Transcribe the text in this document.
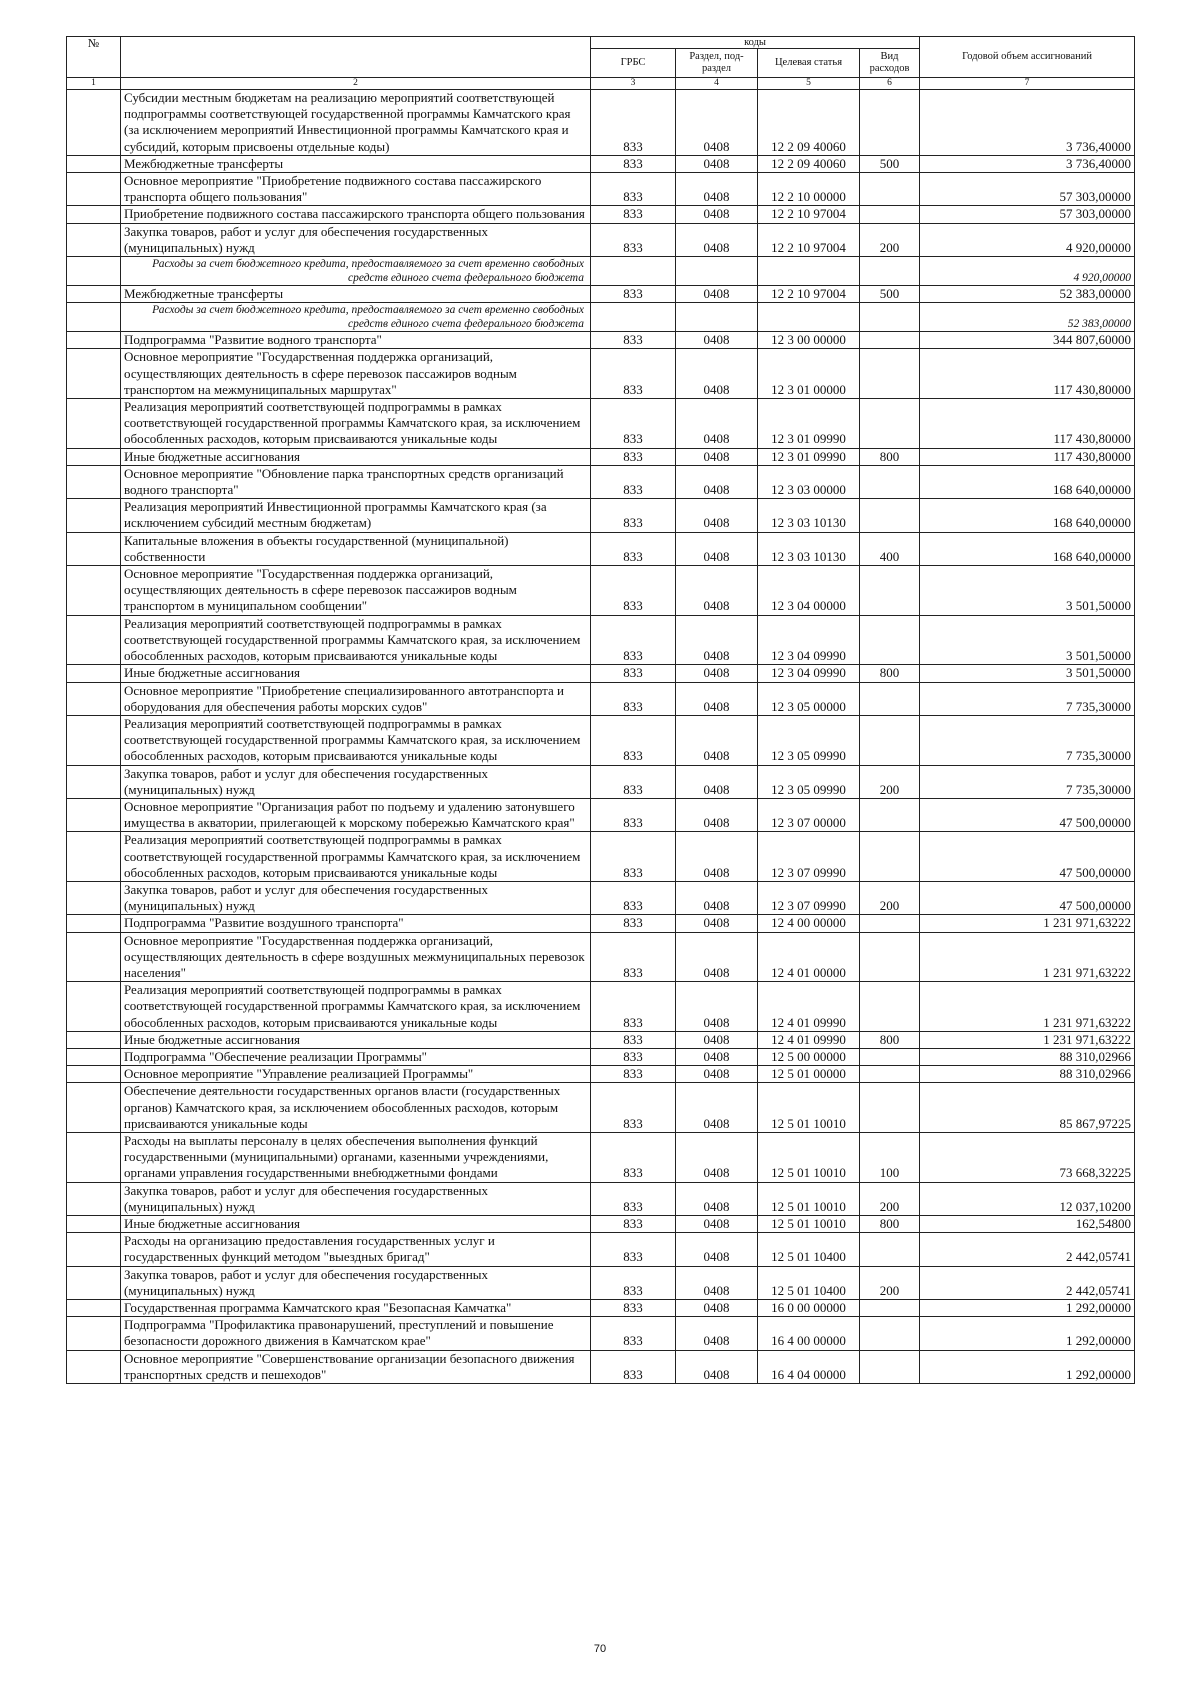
№		коды				Годовой объем ассигнований
		ГРБС	Раздел, под-раздел	Целевая статья	Вид расходов	
1	2	3	4	5	6	7
	Субсидии местным бюджетам на реализацию мероприятий соответствующей подпрограммы соответствующей государственной программы Камчатского края (за исключением мероприятий Инвестиционной программы Камчатского края и субсидий, которым присвоены отдельные коды)	833	0408	12 2 09 40060		3 736,40000
	Межбюджетные трансферты	833	0408	12 2 09 40060	500	3 736,40000
	Основное мероприятие "Приобретение подвижного состава пассажирского транспорта общего пользования"	833	0408	12 2 10 00000		57 303,00000
	Приобретение подвижного состава пассажирского транспорта общего пользования	833	0408	12 2 10 97004		57 303,00000
	Закупка товаров, работ и услуг для обеспечения государственных (муниципальных) нужд	833	0408	12 2 10 97004	200	4 920,00000
	Расходы за счет бюджетного кредита, предоставляемого за счет временно свободных средств единого счета федерального бюджета					4 920,00000
	Межбюджетные трансферты	833	0408	12 2 10 97004	500	52 383,00000
	Расходы за счет бюджетного кредита, предоставляемого за счет временно свободных средств единого счета федерального бюджета					52 383,00000
	Подпрограмма "Развитие водного транспорта"	833	0408	12 3 00 00000		344 807,60000
	Основное мероприятие "Государственная поддержка организаций, осуществляющих деятельность в сфере перевозок пассажиров водным транспортом на межмуниципальных маршрутах"	833	0408	12 3 01 00000		117 430,80000
	Реализация мероприятий соответствующей подпрограммы в рамках соответствующей государственной программы Камчатского края, за исключением обособленных расходов, которым присваиваются уникальные коды	833	0408	12 3 01 09990		117 430,80000
	Иные бюджетные ассигнования	833	0408	12 3 01 09990	800	117 430,80000
	Основное мероприятие "Обновление парка транспортных средств организаций водного транспорта"	833	0408	12 3 03 00000		168 640,00000
	Реализация мероприятий Инвестиционной программы Камчатского края (за исключением субсидий местным бюджетам)	833	0408	12 3 03 10130		168 640,00000
	Капитальные вложения в объекты государственной (муниципальной) собственности	833	0408	12 3 03 10130	400	168 640,00000
	Основное мероприятие "Государственная поддержка организаций, осуществляющих деятельность в сфере перевозок пассажиров водным транспортом в муниципальном сообщении"	833	0408	12 3 04 00000		3 501,50000
	Реализация мероприятий соответствующей подпрограммы в рамках соответствующей государственной программы Камчатского края, за исключением обособленных расходов, которым присваиваются уникальные коды	833	0408	12 3 04 09990		3 501,50000
	Иные бюджетные ассигнования	833	0408	12 3 04 09990	800	3 501,50000
	Основное мероприятие "Приобретение специализированного автотранспорта и оборудования для обеспечения работы морских судов"	833	0408	12 3 05 00000		7 735,30000
	Реализация мероприятий соответствующей подпрограммы в рамках соответствующей государственной программы Камчатского края, за исключением обособленных расходов, которым присваиваются уникальные коды	833	0408	12 3 05 09990		7 735,30000
	Закупка товаров, работ и услуг для обеспечения государственных (муниципальных) нужд	833	0408	12 3 05 09990	200	7 735,30000
	Основное мероприятие "Организация работ по подъему и удалению затонувшего имущества в акватории, прилегающей к морскому побережью Камчатского края"	833	0408	12 3 07 00000		47 500,00000
	Реализация мероприятий соответствующей подпрограммы в рамках соответствующей государственной программы Камчатского края, за исключением обособленных расходов, которым присваиваются уникальные коды	833	0408	12 3 07 09990		47 500,00000
	Закупка товаров, работ и услуг для обеспечения государственных (муниципальных) нужд	833	0408	12 3 07 09990	200	47 500,00000
	Подпрограмма "Развитие воздушного транспорта"	833	0408	12 4 00 00000		1 231 971,63222
	Основное мероприятие "Государственная поддержка организаций, осуществляющих деятельность в сфере воздушных межмуниципальных перевозок населения"	833	0408	12 4 01 00000		1 231 971,63222
	Реализация мероприятий соответствующей подпрограммы в рамках соответствующей государственной программы Камчатского края, за исключением обособленных расходов, которым присваиваются уникальные коды	833	0408	12 4 01 09990		1 231 971,63222
	Иные бюджетные ассигнования	833	0408	12 4 01 09990	800	1 231 971,63222
	Подпрограмма "Обеспечение реализации Программы"	833	0408	12 5 00 00000		88 310,02966
	Основное мероприятие "Управление реализацией Программы"	833	0408	12 5 01 00000		88 310,02966
	Обеспечение деятельности государственных органов власти (государственных органов) Камчатского края, за исключением обособленных расходов, которым присваиваются уникальные коды	833	0408	12 5 01 10010		85 867,97225
	Расходы на выплаты персоналу в целях обеспечения выполнения функций государственными (муниципальными) органами, казенными учреждениями, органами управления государственными внебюджетными фондами	833	0408	12 5 01 10010	100	73 668,32225
	Закупка товаров, работ и услуг для обеспечения государственных (муниципальных) нужд	833	0408	12 5 01 10010	200	12 037,10200
	Иные бюджетные ассигнования	833	0408	12 5 01 10010	800	162,54800
	Расходы на организацию предоставления государственных услуг и государственных функций методом "выездных бригад"	833	0408	12 5 01 10400		2 442,05741
	Закупка товаров, работ и услуг для обеспечения государственных (муниципальных) нужд	833	0408	12 5 01 10400	200	2 442,05741
	Государственная программа Камчатского края "Безопасная Камчатка"	833	0408	16 0 00 00000		1 292,00000
	Подпрограмма "Профилактика правонарушений, преступлений и повышение безопасности дорожного движения в Камчатском крае"	833	0408	16 4 00 00000		1 292,00000
	Основное мероприятие "Совершенствование организации безопасного движения транспортных средств и пешеходов"	833	0408	16 4 04 00000		1 292,00000
70
